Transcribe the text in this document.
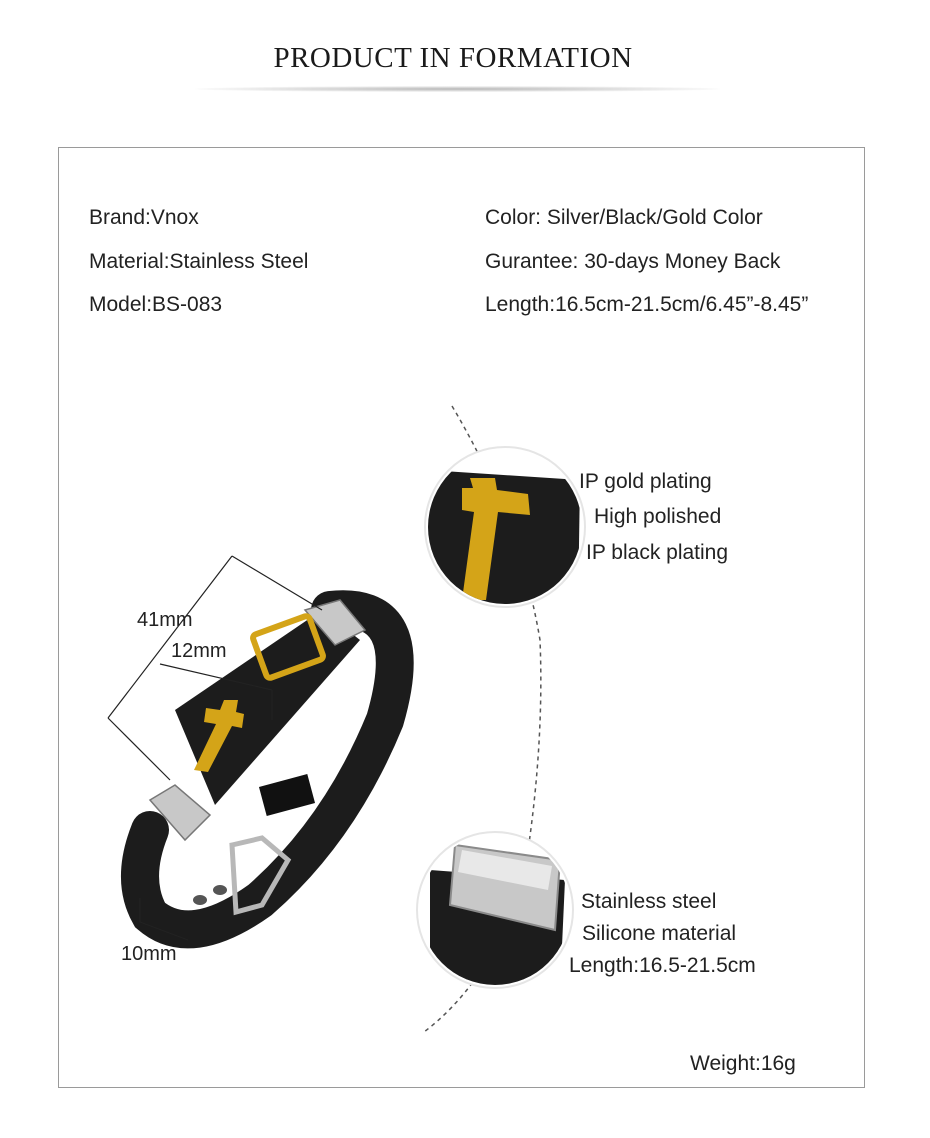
PRODUCT IN FORMATION
Brand:Vnox
Material:Stainless Steel
Model:BS-083
Color: Silver/Black/Gold Color
Gurantee: 30-days Money Back
Length:16.5cm-21.5cm/6.45”-8.45”
41mm
12mm
10mm
IP gold plating
High polished
IP black plating
Stainless steel
Silicone material
Length:16.5-21.5cm
Weight:16g
